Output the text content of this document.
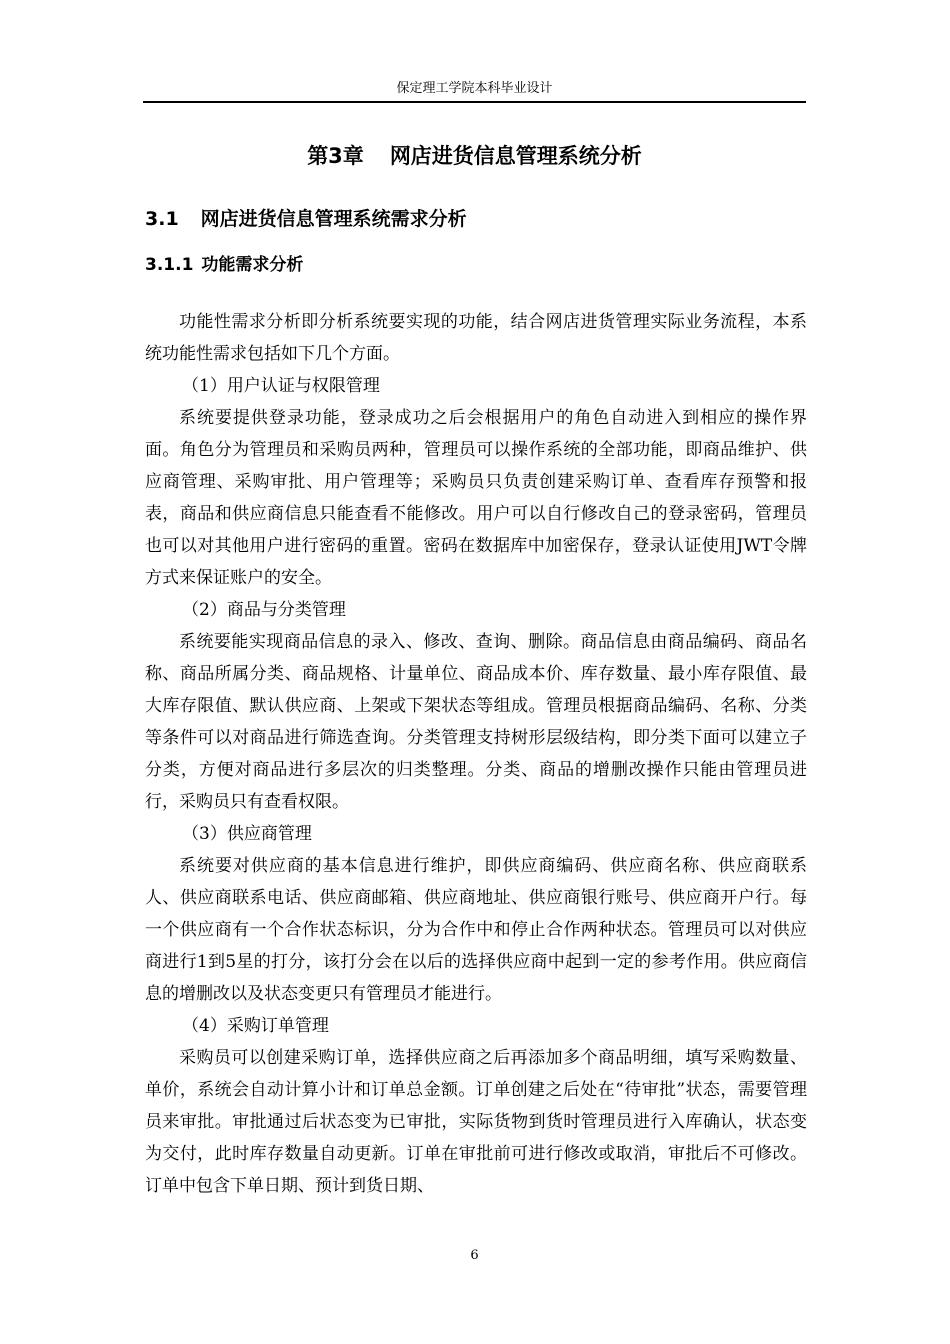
保定理工学院本科毕业设计
第3章 网店进货信息管理系统分析
3.1 网店进货信息管理系统需求分析
3.1.1 功能需求分析

功能性需求分析即分析系统要实现的功能，结合网店进货管理实际业务流程，本系统功能性需求包括如下几个方面。

（1）用户认证与权限管理

系统要提供登录功能，登录成功之后会根据用户的角色自动进入到相应的操作界面。角色分为管理员和采购员两种，管理员可以操作系统的全部功能，即商品维护、供应商管理、采购审批、用户管理等；采购员只负责创建采购订单、查看库存预警和报表，商品和供应商信息只能查看不能修改。用户可以自行修改自己的登录密码，管理员也可以对其他用户进行密码的重置。密码在数据库中加密保存，登录认证使用JWT令牌方式来保证账户的安全。

（2）商品与分类管理

系统要能实现商品信息的录入、修改、查询、删除。商品信息由商品编码、商品名称、商品所属分类、商品规格、计量单位、商品成本价、库存数量、最小库存限值、最大库存限值、默认供应商、上架或下架状态等组成。管理员根据商品编码、名称、分类等条件可以对商品进行筛选查询。分类管理支持树形层级结构，即分类下面可以建立子分类，方便对商品进行多层次的归类整理。分类、商品的增删改操作只能由管理员进行，采购员只有查看权限。

（3）供应商管理

系统要对供应商的基本信息进行维护，即供应商编码、供应商名称、供应商联系人、供应商联系电话、供应商邮箱、供应商地址、供应商银行账号、供应商开户行。每一个供应商有一个合作状态标识，分为合作中和停止合作两种状态。管理员可以对供应商进行1到5星的打分，该打分会在以后的选择供应商中起到一定的参考作用。供应商信息的增删改以及状态变更只有管理员才能进行。

（4）采购订单管理

采购员可以创建采购订单，选择供应商之后再添加多个商品明细，填写采购数量、单价，系统会自动计算小计和订单总金额。订单创建之后处在“待审批”状态，需要管理员来审批。审批通过后状态变为已审批，实际货物到货时管理员进行入库确认，状态变为交付，此时库存数量自动更新。订单在审批前可进行修改或取消，审批后不可修改。订单中包含下单日期、预计到货日期、

6
